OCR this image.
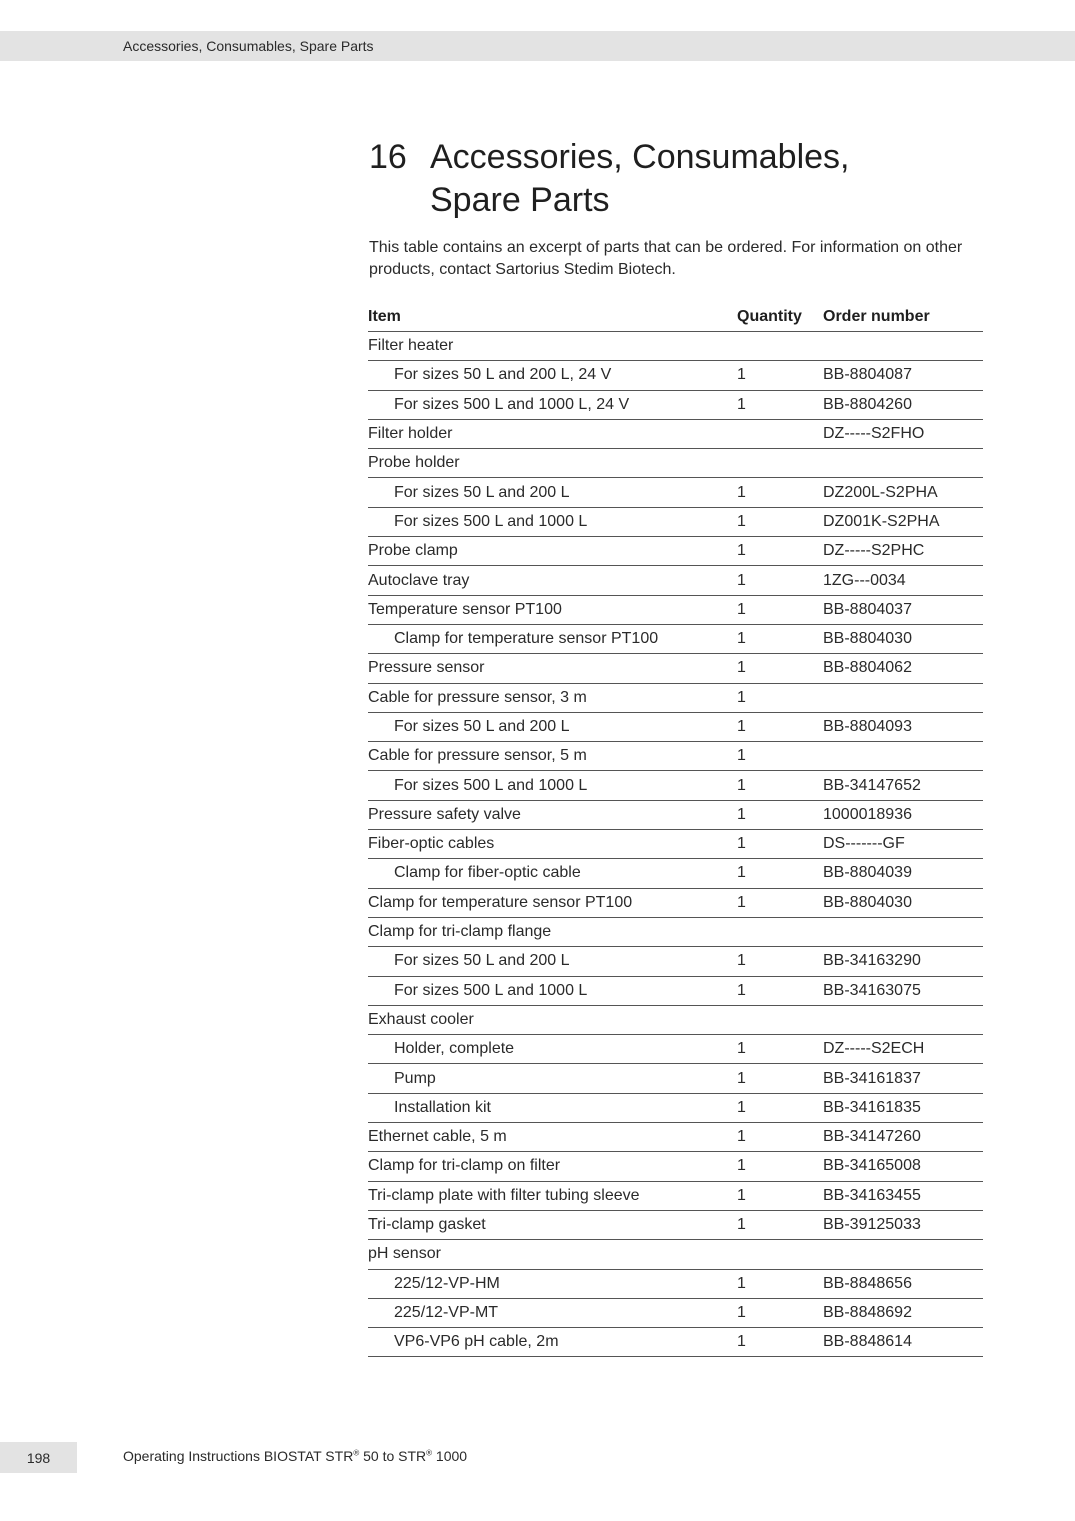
Accessories, Consumables, Spare Parts
16 Accessories, Consumables,
Spare Parts

This table contains an excerpt of parts that can be ordered. For information on other products, contact Sartorius Stedim Biotech.

Item	Quantity	Order number
Filter heater		
For sizes 50 L and 200 L, 24 V	1	BB-8804087
For sizes 500 L and 1000 L, 24 V	1	BB-8804260
Filter holder		DZ-----S2FHO
Probe holder		
For sizes 50 L and 200 L	1	DZ200L-S2PHA
For sizes 500 L and 1000 L	1	DZ001K-S2PHA
Probe clamp	1	DZ-----S2PHC
Autoclave tray	1	1ZG---0034
Temperature sensor PT100	1	BB-8804037
Clamp for temperature sensor PT100	1	BB-8804030
Pressure sensor	1	BB-8804062
Cable for pressure sensor, 3 m	1	
For sizes 50 L and 200 L	1	BB-8804093
Cable for pressure sensor, 5 m	1	
For sizes 500 L and 1000 L	1	BB-34147652
Pressure safety valve	1	1000018936
Fiber-optic cables	1	DS-------GF
Clamp for fiber-optic cable	1	BB-8804039
Clamp for temperature sensor PT100	1	BB-8804030
Clamp for tri-clamp flange		
For sizes 50 L and 200 L	1	BB-34163290
For sizes 500 L and 1000 L	1	BB-34163075
Exhaust cooler		
Holder, complete	1	DZ-----S2ECH
Pump	1	BB-34161837
Installation kit	1	BB-34161835
Ethernet cable, 5 m	1	BB-34147260
Clamp for tri-clamp on filter	1	BB-34165008
Tri-clamp plate with filter tubing sleeve	1	BB-34163455
Tri-clamp gasket	1	BB-39125033
pH sensor		
225/12-VP-HM	1	BB-8848656
225/12-VP-MT	1	BB-8848692
VP6-VP6 pH cable, 2m	1	BB-8848614
198	Operating Instructions BIOSTAT STR® 50 to STR® 1000
